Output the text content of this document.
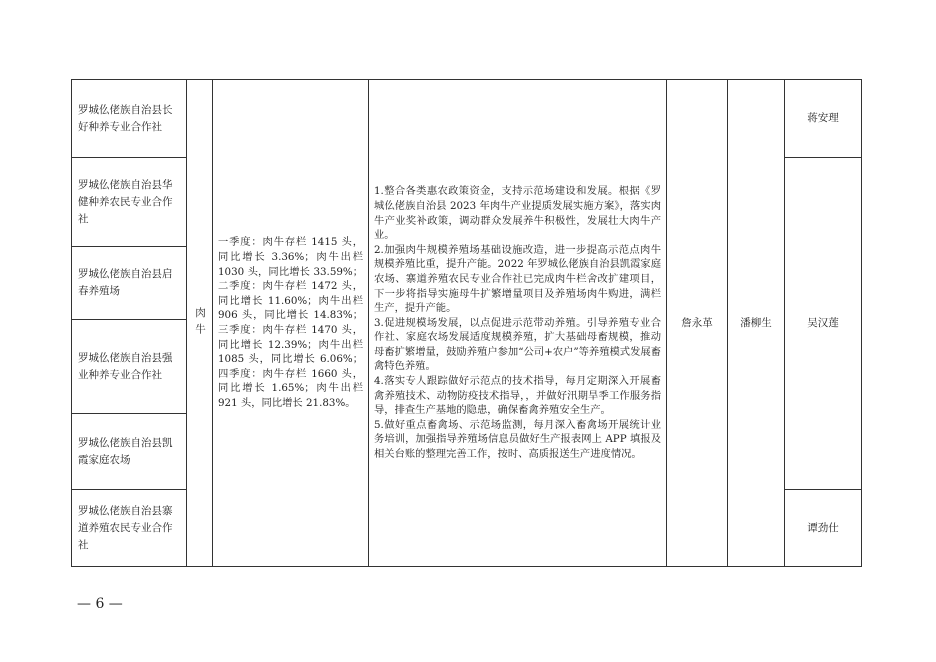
罗城仫佬族自治县长好种养专业合作社
罗城仫佬族自治县华健种养农民专业合作社
罗城仫佬族自治县启春养殖场
罗城仫佬族自治县强业种养专业合作社
罗城仫佬族自治县凯霞家庭农场
罗城仫佬族自治县寨道养殖农民专业合作社
肉牛
一季度：肉牛存栏 1415 头，同比增长 3.36%；肉牛出栏 1030 头，同比增长 33.59%；二季度：肉牛存栏 1472 头，同比增长 11.60%；肉牛出栏 906 头，同比增长 14.83%；三季度：肉牛存栏 1470 头，同比增长 12.39%；肉牛出栏 1085 头，同比增长 6.06%；四季度：肉牛存栏 1660 头，同比增长 1.65%；肉牛出栏 921 头，同比增长 21.83%。
1.整合各类惠农政策资金，支持示范场建设和发展。根据《罗城仫佬族自治县 2023 年肉牛产业提质发展实施方案》，落实肉牛产业奖补政策，调动群众发展养牛积极性，发展壮大肉牛产业。
2.加强肉牛规模养殖场基础设施改造，进一步提高示范点肉牛规模养殖比重，提升产能。2022 年罗城仫佬族自治县凯霞家庭农场、寨道养殖农民专业合作社已完成肉牛栏舍改扩建项目，下一步将指导实施母牛扩繁增量项目及养殖场肉牛购进，满栏生产，提升产能。
3.促进规模场发展，以点促进示范带动养殖。引导养殖专业合作社、家庭农场发展适度规模养殖，扩大基础母畜规模，推动母畜扩繁增量，鼓励养殖户参加“公司+农户”等养殖模式发展畜禽特色养殖。
4.落实专人跟踪做好示范点的技术指导，每月定期深入开展畜禽养殖技术、动物防疫技术指导，，并做好汛期旱季工作服务指导，排查生产基地的隐患，确保畜禽养殖安全生产。
5.做好重点畜禽场、示范场监测，每月深入畜禽场开展统计业务培训，加强指导养殖场信息员做好生产报表网上 APP 填报及相关台账的整理完善工作，按时、高质报送生产进度情况。
詹永革	潘柳生
蒋安理
吴汉莲
谭劲仕
— 6 —
